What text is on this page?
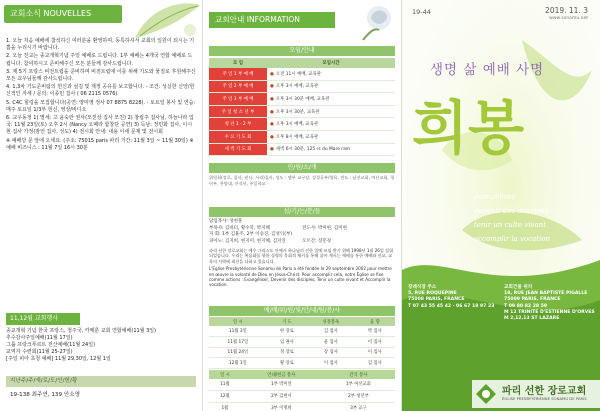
교회소식 NOUVELLES

1. 오늘 처음 예배에 참석하신 여러분을 환영하며, 동특하셔서 교회의 일원이 되시는 기쁨을 누리시기 바랍니다.

2. 오늘 친교는 종교개혁기념 주일 예배로 드립니다. 1부 예배는 4개국 연합 예배로 드립니다. 참여하시고 준비해주신 모든 분들께 감사드립니다.

3. 제 5기 프랑스 비전트립을 준비하며 비전트립에 이를 위해 기도와 물질로 후원해주신 모든 교우님들께 감사드립니다.

4. 1,3차 기도준비팀의 헌신과 섬김 및 재정 공유를 보고합니다. - 조건: 성실한 신앙/헌신적인 자세 / 문의: 이종민 집사 ( 06 2115 0576)

5. C4C 힐링을 모집합니다(공연: 양미영 정사 07 8875 8228). - 토요일 봉사 및 연습: 매주 토요일 1/3부 헌신, 영상/비디오

6. 교우동정 1) 별세: 고 윤숙란 권사(모친상 집사 모친) 2) 창립주 집사님, 하늘나라 입국: 11월 23일(토) 오후 2시 (Nancy 오페라 합창단 공연) 3) 득남: 정민화 집사, 이시현 집사 가정(잠언 집사, 성도) 4) 전시회 안내: 내용 이세 문제 및 전시회

※ 예배당 문 앞에 오세요: (주소: 75015 paris 파리 기간: 11월 3일 ~ 11월 30일) ※ 예배 비즈니스 : 11월 7일 16시 30분

11,12월 교회행사

종교개혁 기념 한국 프랑스, 청주국, 카메룬 교회 연합예배(11월 3일)

추수감사주일예배(11월 17일)

그룹 프랑크푸르트 전산예배(11월 24일)

교역자 수련회(11월 25-27일)

[주일 피아 초청 예배] 11월 29,30일, 12월 1일

지난주/주/새/로/도/인/헌/황
19-138 최주연, 139 안소영
교회안내 INFORMATION
모임/안내
모 임	모임시간
주 일 1 부 예 배	● 오전 11시 예배, 교육관
주 일 2 부 예 배	● 오후 3시 예배, 교육관
주 일 3 부 예 배	● 오후 3시 30분 예배, 교육관
주 일 청 소 년 부	● 오후 3시 30분, 교육관
청 년 1 · 2 부	● 오후 3시 예배, 교육관
수 요 기 도 회	● 오후 8시 예배, 교육관
새 벽 기 도 회	● 새벽 6시 30분, 125 rs du Mare ram
인/원/소/개
위원회(장로, 집사, 권사, 서리)집사, 성도 : 엠부 교구장, 성경공부/양육, 전도 : 남선교회, 여선교회, 청년부, 찬양대, 안식년, 주일학교
섬/기/는/분/들
담임목사: 성현훈
부목사: 김바터, 황수학, 박지혜	전도사: 박미현, 김미현
지 회: 1부 김용주, 2부 이승진, 김성익(부)
피아노: 김지희, 현지미, 현지혜, 김지연	오르간: 장문경
파리 선한 장로교회는 예수 그리스도 안에서 하나님의 선한 일에 쓰임 받기 위해 1998년 1월 26일 설립되었습니다. 우리는 복음화를 향한 성령의 목회적 체키를 통해 살아 계시는 예배를 통한 예배와 선교, 교육의 사역에 최선을 다하고 있습니다.
L'Eglise Presbytérienne Sonamu de Paris a été fondée le 29 septembre 2002 pour mettre en œuvre la volonté de Dieu en Jésus-Christ. Pour accomplir cela, notre Église se fixe comme actions : Evangéliser, Devenir des disciples, Tenir un culte vivant et Accomplir la vocation.
예/배/위/원/및/안/내/팀/봉/사
일 시	기 도	성경봉독	음 향
11월 3일	한 장로	김 집사	박 집사
11월 17일	임 권사	윤 집사	이 집사
11월 24일	정 장로	장 집사	이 집사
12월 1일	황 장로	이 집사	김 집사
일 시	안내/헌금 봉사	간식 봉사
11월	1부 박미연	1부 여선교회
12월	2부 김현서	2부 청년부
1월	3부 이명희	3부 교구
19-44	2019. 11. 3
www.sonamu.net
생명 삶 예배 사명
희봉
évangéliser
devenir des disciples
tenir un culte vivant
accomplir la vocation
장례식장 주소
5, RUE ROQUEPINE
75008 PARIS, FRANCE
T 07 43 55 45 42 · 06 67 18 97 23
교회건물 위치
18, RUE JEAN BAPTISTE PIGALLE
75009 PARIS, FRANCE
T 09 80 82 28 59
M 12 TRINITE D'ESTIENNE D'ORVES
M 2,12,13 ST LAZARE
파리 선한 장로교회
ÉGLISE PRESBYTÉRIENNE SONAMU DE PARIS
